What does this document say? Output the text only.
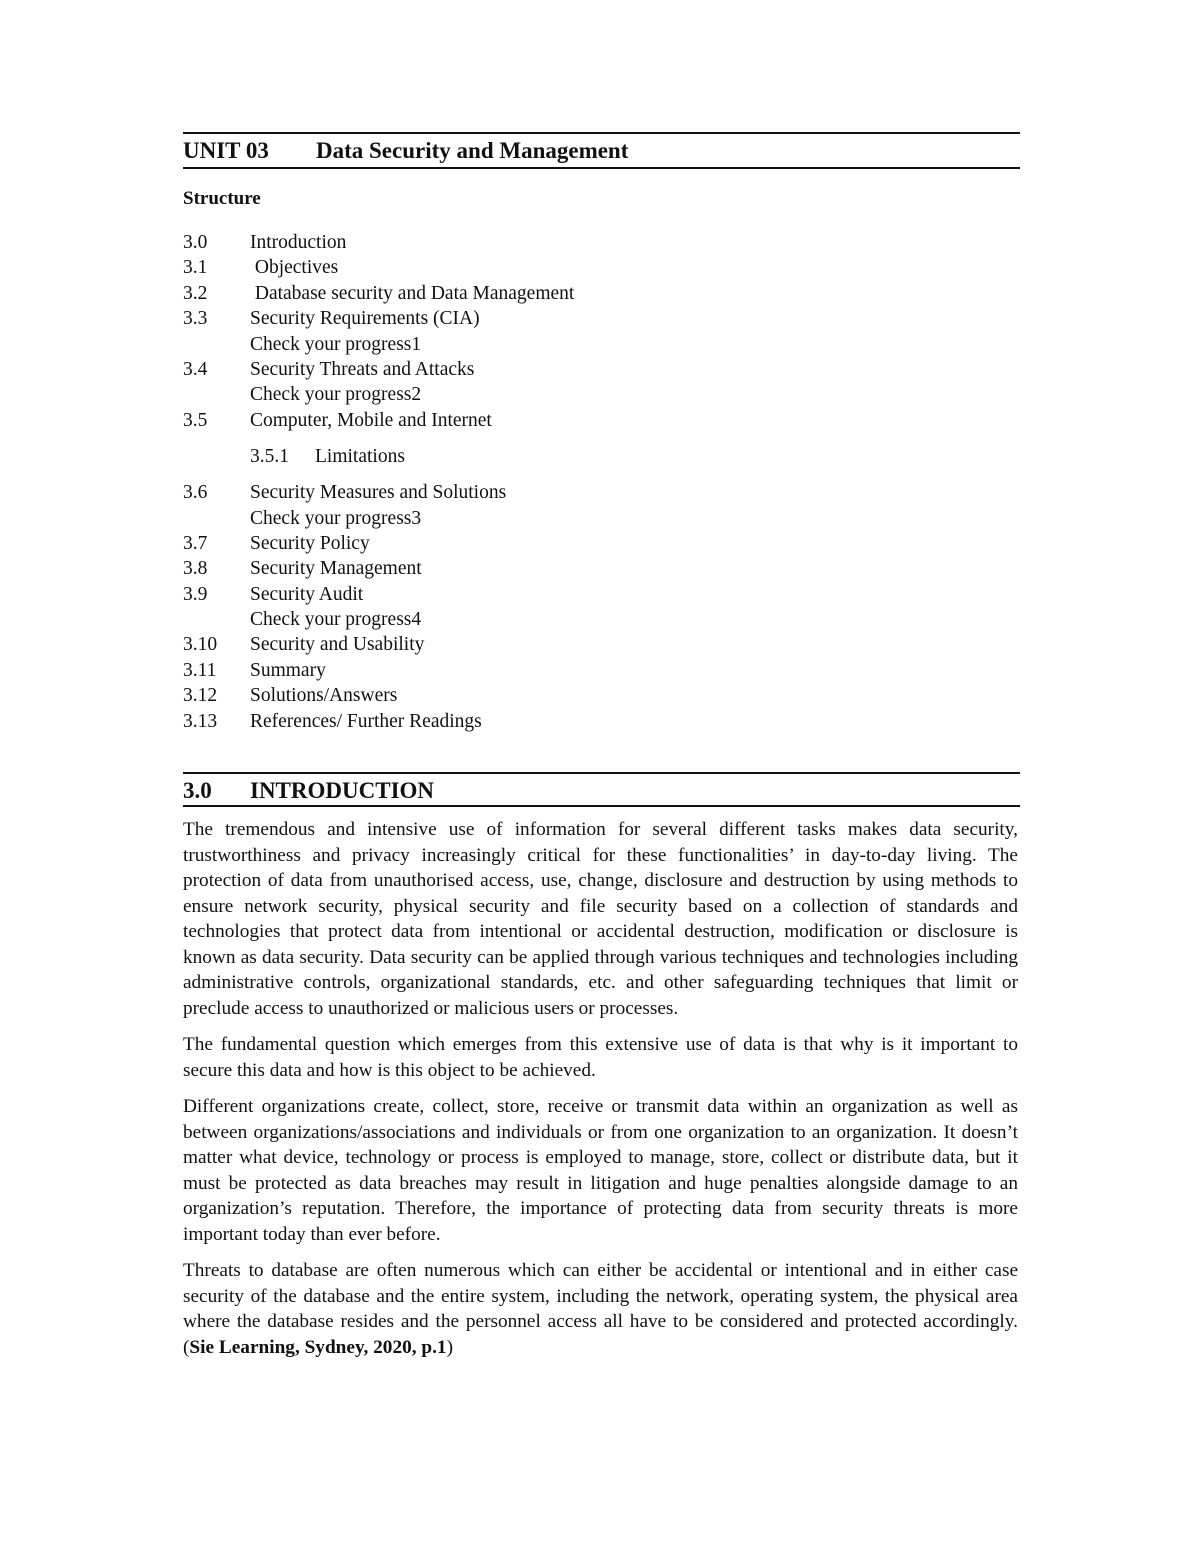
UNIT 03 Data Security and Management
Structure
3.0 Introduction
3.1 Objectives
3.2 Database security and Data Management
3.3 Security Requirements (CIA)
Check your progress1
3.4 Security Threats and Attacks
Check your progress2
3.5 Computer, Mobile and Internet
3.5.1 Limitations
3.6 Security Measures and Solutions
Check your progress3
3.7 Security Policy
3.8 Security Management
3.9 Security Audit
Check your progress4
3.10 Security and Usability
3.11 Summary
3.12 Solutions/Answers
3.13 References/ Further Readings
3.0 INTRODUCTION

The tremendous and intensive use of information for several different tasks makes data security, trustworthiness and privacy increasingly critical for these functionalities’ in day-to-day living. The protection of data from unauthorised access, use, change, disclosure and destruction by using methods to ensure network security, physical security and file security based on a collection of standards and technologies that protect data from intentional or accidental destruction, modification or disclosure is known as data security. Data security can be applied through various techniques and technologies including administrative controls, organizational standards, etc. and other safeguarding techniques that limit or preclude access to unauthorized or malicious users or processes.

The fundamental question which emerges from this extensive use of data is that why is it important to secure this data and how is this object to be achieved.

Different organizations create, collect, store, receive or transmit data within an organization as well as between organizations/associations and individuals or from one organization to an organization. It doesn’t matter what device, technology or process is employed to manage, store, collect or distribute data, but it must be protected as data breaches may result in litigation and huge penalties alongside damage to an organization’s reputation. Therefore, the importance of protecting data from security threats is more important today than ever before.

Threats to database are often numerous which can either be accidental or intentional and in either case security of the database and the entire system, including the network, operating system, the physical area where the database resides and the personnel access all have to be considered and protected accordingly.(Sie Learning, Sydney, 2020, p.1)
